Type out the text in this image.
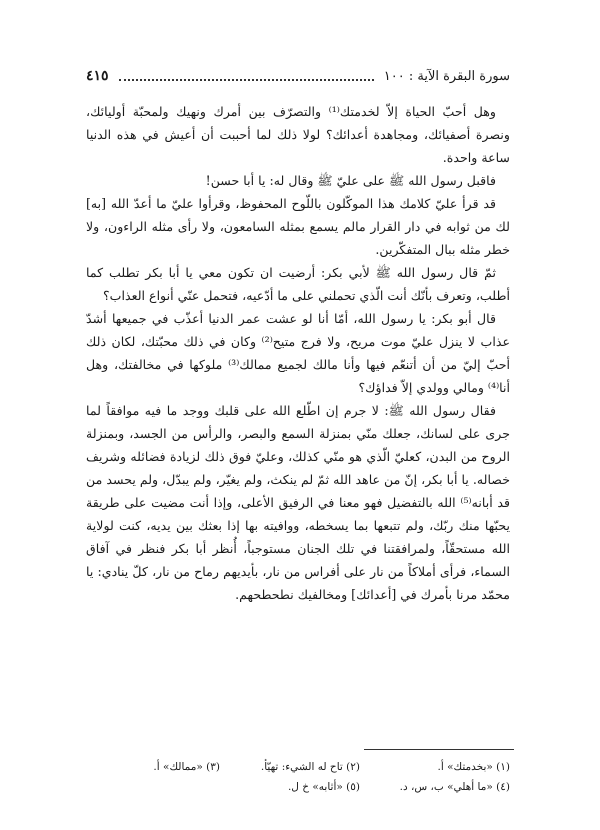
سورة البقرة الآية : ١٠٠
٤١٥

وهل أحبّ الحياة إلاّ لخدمتك⁽¹⁾ والتصرّف بين أمرك ونهيك ولمحبّة أوليائك، ونصرة أصفيائك، ومجاهدة أعدائك؟ لولا ذلك لما أحببت أن أعيش في هذه الدنيا ساعة واحدة.

فاقبل رسول الله ﷺ على عليّ ﷺ وقال له: يا أبا حسن!

قد قرأ عليّ كلامك هذا الموكّلون باللّوح المحفوظ، وقرأوا عليّ ما أعدّ الله [به] لك من ثوابه في دار القرار مالم يسمع بمثله السامعون، ولا رأى مثله الراءون، ولا خطر مثله ببال المتفكّرين.

ثمّ قال رسول الله ﷺ لأبي بكر: أرضيت ان تكون معي يا أبا بكر تطلب كما أطلب، وتعرف بأنّك أنت الّذي تحملني على ما أدّعيه، فتحمل عنّي أنواع العذاب؟

قال أبو بكر: يا رسول الله، أمّا أنا لو عشت عمر الدنيا أعذّب في جميعها أشدّ عذاب لا ينزل عليّ موت مريح، ولا فرج متيح⁽²⁾ وكان في ذلك محبّتك، لكان ذلك أحبّ إليّ من أن أتنعّم فيها وأنا مالك لجميع ممالك⁽³⁾ ملوكها في مخالفتك، وهل أنا⁽⁴⁾ ومالي وولدي إلاّ فداؤك؟

فقال رسول الله ﷺ: لا جرم إن اطّلع الله على قلبك ووجد ما فيه موافقاً لما جرى على لسانك، جعلك منّي بمنزلة السمع والبصر، والرأس من الجسد، وبمنزلة الروح من البدن، كعليّ الّذي هو منّي كذلك، وعليّ فوق ذلك لزيادة فضائله وشريف خصاله. يا أبا بكر، إنّ من عاهد الله ثمّ لم ينكث، ولم يغيّر، ولم يبدّل، ولم يحسد من قد أبانه⁽⁵⁾ الله بالتفضيل فهو معنا في الرفيق الأعلى، وإذا أنت مضيت على طريقة يحبّها منك ربّك، ولم تتبعها بما يسخطه، ووافيته بها إذا بعثك بين يديه، كنت لولاية الله مستحقّاً، ولمرافقتنا في تلك الجنان مستوجباً، أُنظر أبا بكر فنظر في آفاق السماء، فرأى أملاكاً من نار على أفراس من نار، بأيديهم رماح من نار، كلّ ينادي: يا محمّد مرنا بأمرك في [أعدائك] ومخالفيك نطحطحهم.

(١) «بخدمتك» أ.
(٢) تاح له الشيء: تهيّأ.
(٣) «ممالك» أ.
(٤) «ما أهلي» ب، س، د.
(٥) «أثابه» خ ل.
